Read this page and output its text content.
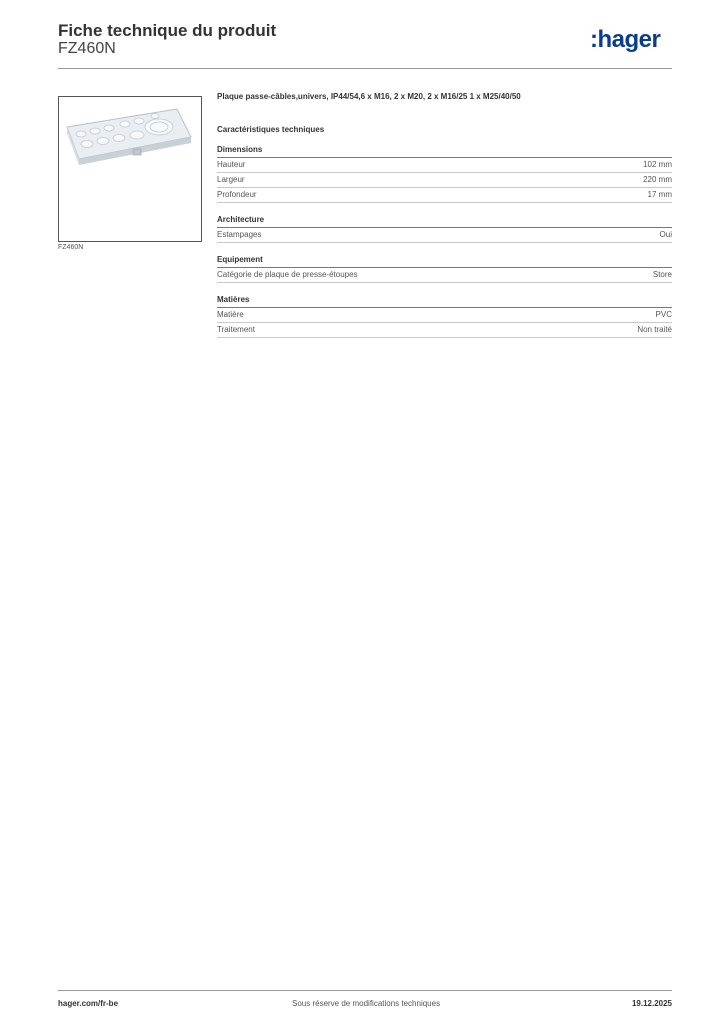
Fiche technique du produit
FZ460N	:hager
FZ460N
Plaque passe-câbles,univers, IP44/54,6 x M16, 2 x M20, 2 x M16/25 1 x M25/40/50
Caractéristiques techniques
Dimensions
Hauteur	102 mm
Largeur	220 mm
Profondeur	17 mm
Architecture
Estampages	Oui
Equipement
Catégorie de plaque de presse-étoupes	Store
Matières
Matière	PVC
Traitement	Non traité
hager.com/fr-be	Sous réserve de modifications techniques	19.12.2025
